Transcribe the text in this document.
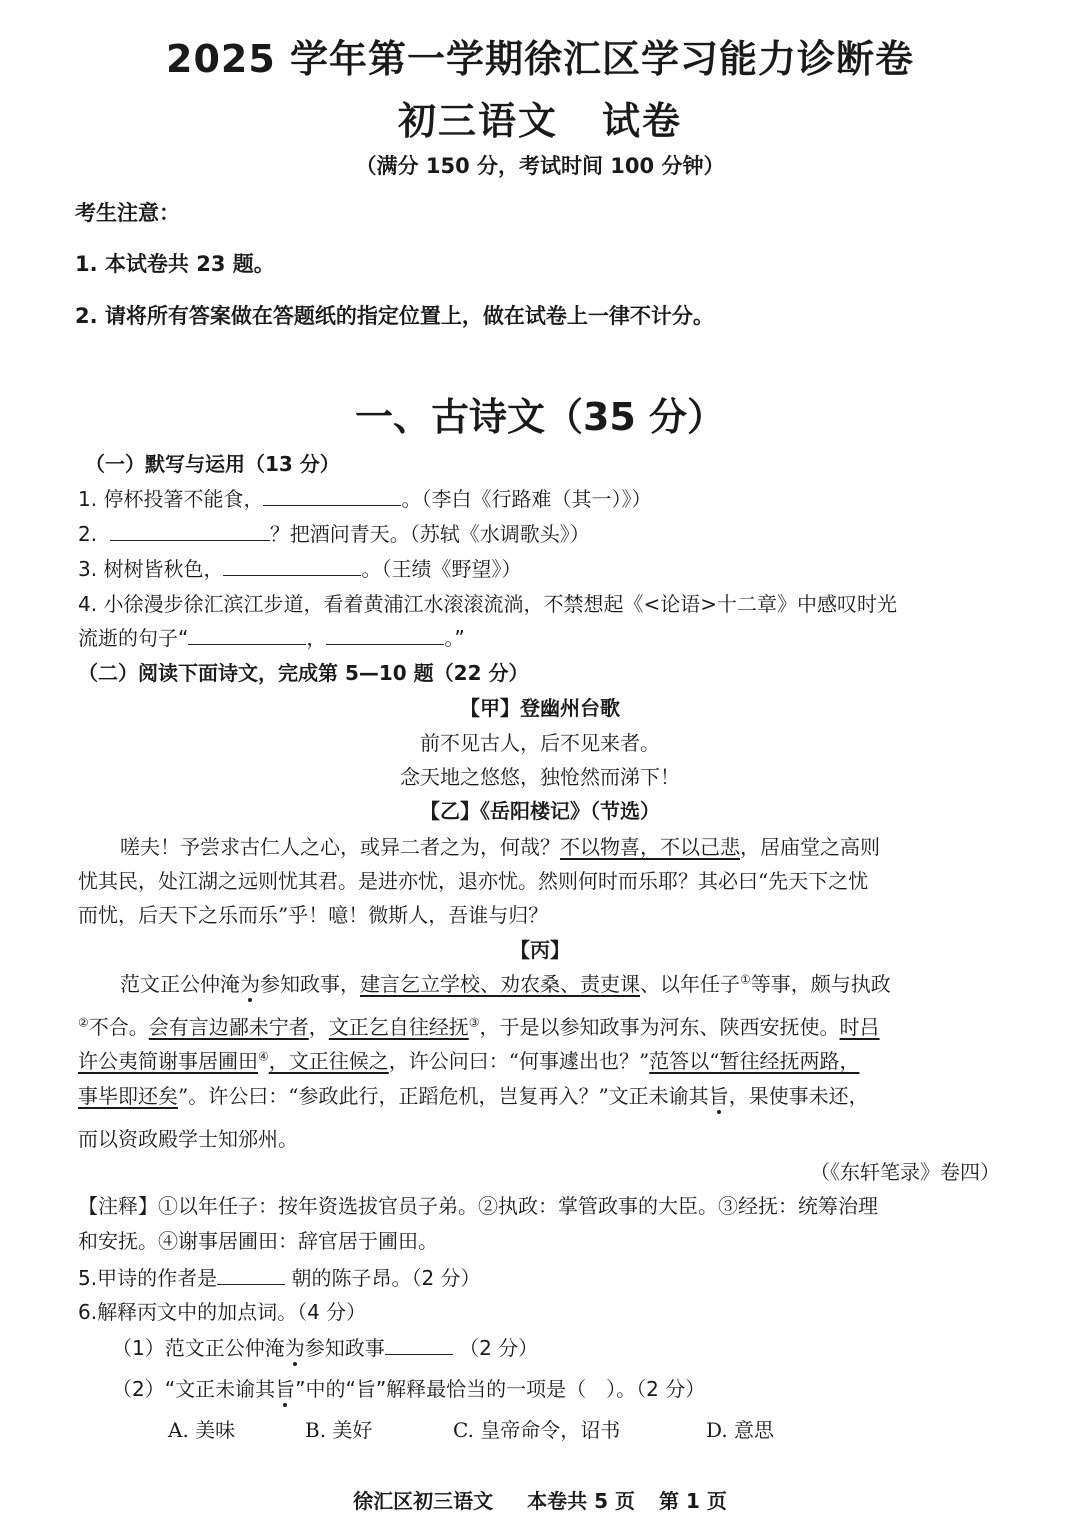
2025 学年第一学期徐汇区学习能力诊断卷
初三语文 试卷
（满分 150 分，考试时间 100 分钟）
考生注意：
1. 本试卷共 23 题。
2. 请将所有答案做在答题纸的指定位置上，做在试卷上一律不计分。
一、古诗文（35 分）
（一）默写与运用（13 分）
1. 停杯投箸不能食，	。（李白《行路难（其一）》）
2.	？把酒问青天。（苏轼《水调歌头》）
3. 树树皆秋色，	。（王绩《野望》）
4. 小徐漫步徐汇滨江步道，看着黄浦江水滚滚流淌，不禁想起《<论语>十二章》中感叹时光
流逝的句子“	，	。”
（二）阅读下面诗文，完成第 5—10 题（22 分）
【甲】登幽州台歌
前不见古人，后不见来者。
念天地之悠悠，独怆然而涕下！
【乙】《岳阳楼记》（节选）
嗟夫！予尝求古仁人之心，或异二者之为，何哉？不以物喜，不以己悲，居庙堂之高则
忧其民，处江湖之远则忧其君。是进亦忧，退亦忧。然则何时而乐耶？其必曰“先天下之忧
而忧，后天下之乐而乐”乎！噫！微斯人，吾谁与归？
【丙】
范文正公仲淹为参知政事，建言乞立学校、劝农桑、责吏课、以年任子①等事，颇与执政
②不合。会有言边鄙未宁者，文正乞自往经抚③，于是以参知政事为河东、陕西安抚使。时吕
许公夷简谢事居圃田④，文正往候之，许公问曰：“何事遽出也？”范答以“暂往经抚两路，
事毕即还矣”。许公曰：“参政此行，正蹈危机，岂复再入？”文正未谕其旨，果使事未还，
而以资政殿学士知邠州。
（《东轩笔录》卷四）
【注释】①以年任子：按年资选拔官员子弟。②执政：掌管政事的大臣。③经抚：统筹治理
和安抚。④谢事居圃田：辞官居于圃田。
5.甲诗的作者是	朝的陈子昂。（2 分）
6.解释丙文中的加点词。（4 分）
（1）范文正公仲淹为参知政事	（2 分）
（2）“文正未谕其旨”中的“旨”解释最恰当的一项是（　）。（2 分）
A. 美味	B. 美好	C. 皇帝命令，诏书	D. 意思
徐汇区初三语文 本卷共 5 页 第 1 页
